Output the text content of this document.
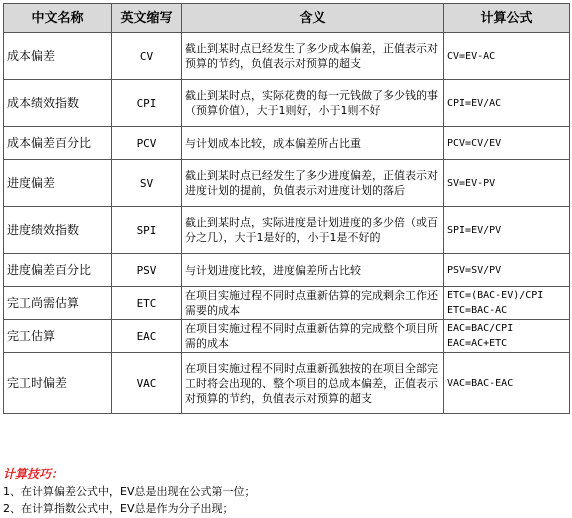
中文名称	英文缩写	含义	计算公式
成本偏差	CV	截止到某时点已经发生了多少成本偏差，正值表示对预算的节约，负值表示对预算的超支	CV=EV-AC
成本绩效指数	CPI	截止到某时点，实际花费的每一元钱做了多少钱的事（预算价值），大于1则好，小于1则不好	CPI=EV/AC
成本偏差百分比	PCV	与计划成本比较，成本偏差所占比重	PCV=CV/EV
进度偏差	SV	截止到某时点已经发生了多少进度偏差，正值表示对进度计划的提前，负值表示对进度计划的落后	SV=EV-PV
进度绩效指数	SPI	截止到某时点，实际进度是计划进度的多少倍（或百分之几），大于1是好的，小于1是不好的	SPI=EV/PV
进度偏差百分比	PSV	与计划进度比较，进度偏差所占比较	PSV=SV/PV
完工尚需估算	ETC	在项目实施过程不同时点重新估算的完成剩余工作还需要的成本	ETC=(BAC-EV)/CPI
ETC=BAC-AC
完工估算	EAC	在项目实施过程不同时点重新估算的完成整个项目所需的成本	EAC=BAC/CPI
EAC=AC+ETC
完工时偏差	VAC	在项目实施过程不同时点重新孤独按的在项目全部完工时将会出现的、整个项目的总成本偏差，正值表示对预算的节约，负值表示对预算的超支	VAC=BAC-EAC
计算技巧：
1、在计算偏差公式中，EV总是出现在公式第一位；
2、在计算指数公式中，EV总是作为分子出现；
